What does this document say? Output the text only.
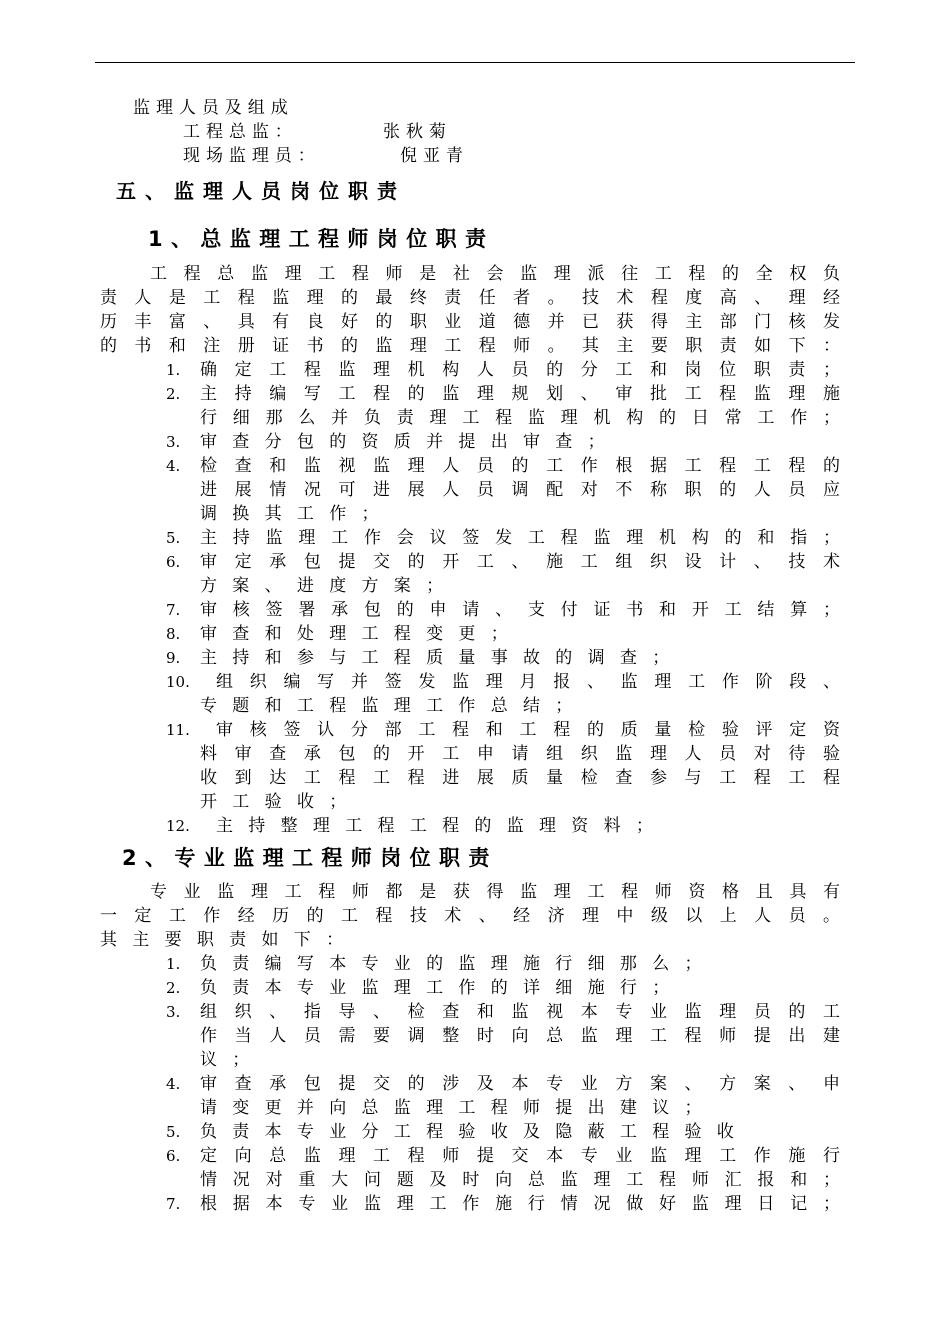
监理人员及组成
工程总监：	张秋菊
现场监理员：	倪亚青
五、监理人员岗位职责
1、总监理工程师岗位职责
工程总监理工程师是社会监理派往工程的全权负
责人是工程监理的最终责任者。技术程度高、理经
历丰富、具有良好的职业道德并已获得主部门核发
的书和注册证书的监理工程师。其主要职责如下：
1. 确定工程监理机构人员的分工和岗位职责；
2. 主持编写工程的监理规划、审批工程监理施
行细那么并负责理工程监理机构的日常工作；
3. 审查分包的资质并提出审查；
4. 检查和监视监理人员的工作根据工程工程的
进展情况可进展人员调配对不称职的人员应
调换其工作；
5. 主持监理工作会议签发工程监理机构的和指；
6. 审定承包提交的开工、施工组织设计、技术
方案、进度方案；
7. 审核签署承包的申请、支付证书和开工结算；
8. 审查和处理工程变更；
9. 主持和参与工程质量事故的调查；
10. 组织编写并签发监理月报、监理工作阶段、
专题和工程监理工作总结；
11. 审核签认分部工程和工程的质量检验评定资
料审查承包的开工申请组织监理人员对待验
收到达工程工程进展质量检查参与工程工程
开工验收；
12. 主持整理工程工程的监理资料；
2、专业监理工程师岗位职责
专业监理工程师都是获得监理工程师资格且具有
一定工作经历的工程技术、经济理中级以上人员。
其主要职责如下：
1. 负责编写本专业的监理施行细那么；
2. 负责本专业监理工作的详细施行；
3. 组织、指导、检查和监视本专业监理员的工
作当人员需要调整时向总监理工程师提出建
议；
4. 审查承包提交的涉及本专业方案、方案、申
请变更并向总监理工程师提出建议；
5. 负责本专业分工程验收及隐蔽工程验收
6. 定向总监理工程师提交本专业监理工作施行
情况对重大问题及时向总监理工程师汇报和；
7. 根据本专业监理工作施行情况做好监理日记；
